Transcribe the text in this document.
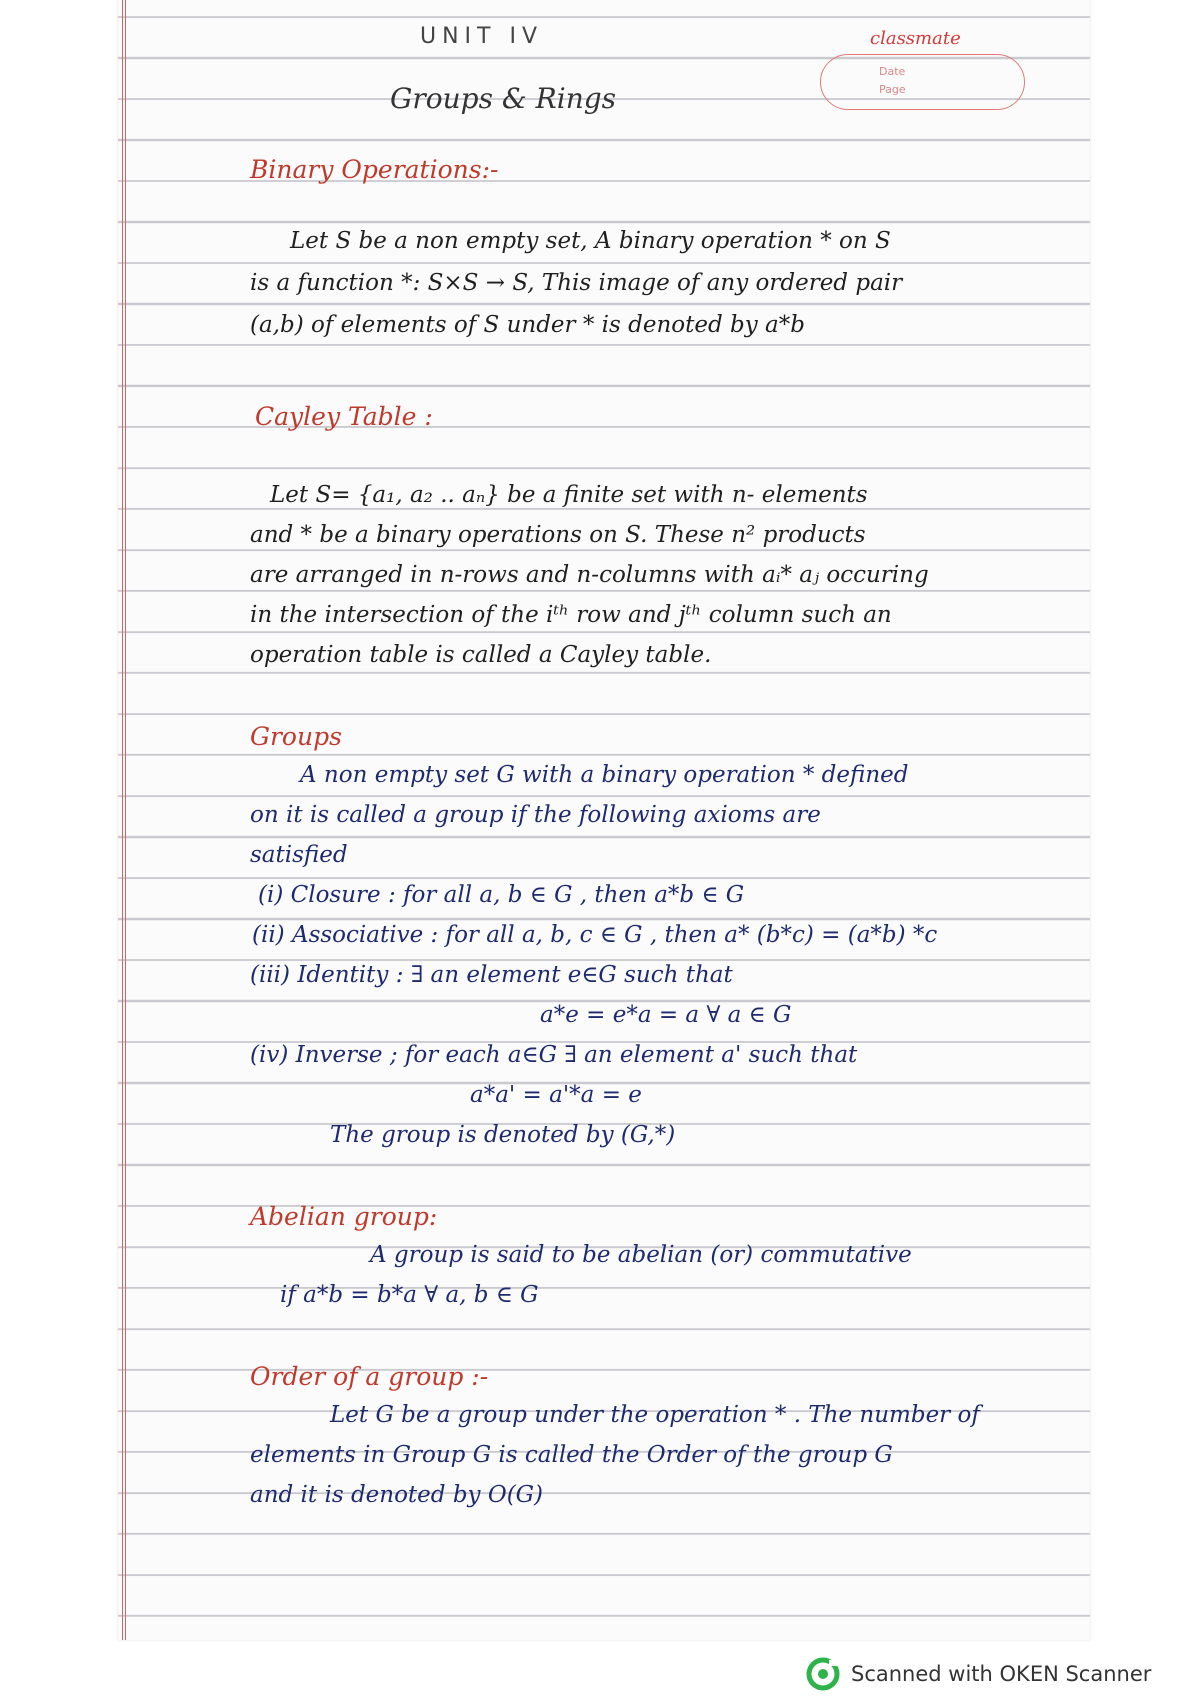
UNIT IV
Groups & Rings
classmate
Date
Page
Binary Operations:-
Let S be a non empty set, A binary operation * on S
is a function *: S×S → S, This image of any ordered pair
(a,b) of elements of S under * is denoted by a*b
Cayley Table :
Let S= {a₁, a₂ .. aₙ} be a finite set with n- elements
and * be a binary operations on S. These n² products
are arranged in n-rows and n-columns with aᵢ* aⱼ occuring
in the intersection of the iᵗʰ row and jᵗʰ column such an
operation table is called a Cayley table.
Groups
A non empty set G with a binary operation * defined
on it is called a group if the following axioms are
satisfied
(i) Closure : for all a, b ∈ G , then a*b ∈ G
(ii) Associative : for all a, b, c ∈ G , then a* (b*c) = (a*b) *c
(iii) Identity : ∃ an element e∈G such that
a*e = e*a = a ∀ a ∈ G
(iv) Inverse ; for each a∈G ∃ an element a' such that
a*a' = a'*a = e
The group is denoted by (G,*)
Abelian group:
A group is said to be abelian (or) commutative
if a*b = b*a ∀ a, b ∈ G
Order of a group :-
Let G be a group under the operation * . The number of
elements in Group G is called the Order of the group G
and it is denoted by O(G)
Scanned with OKEN Scanner
